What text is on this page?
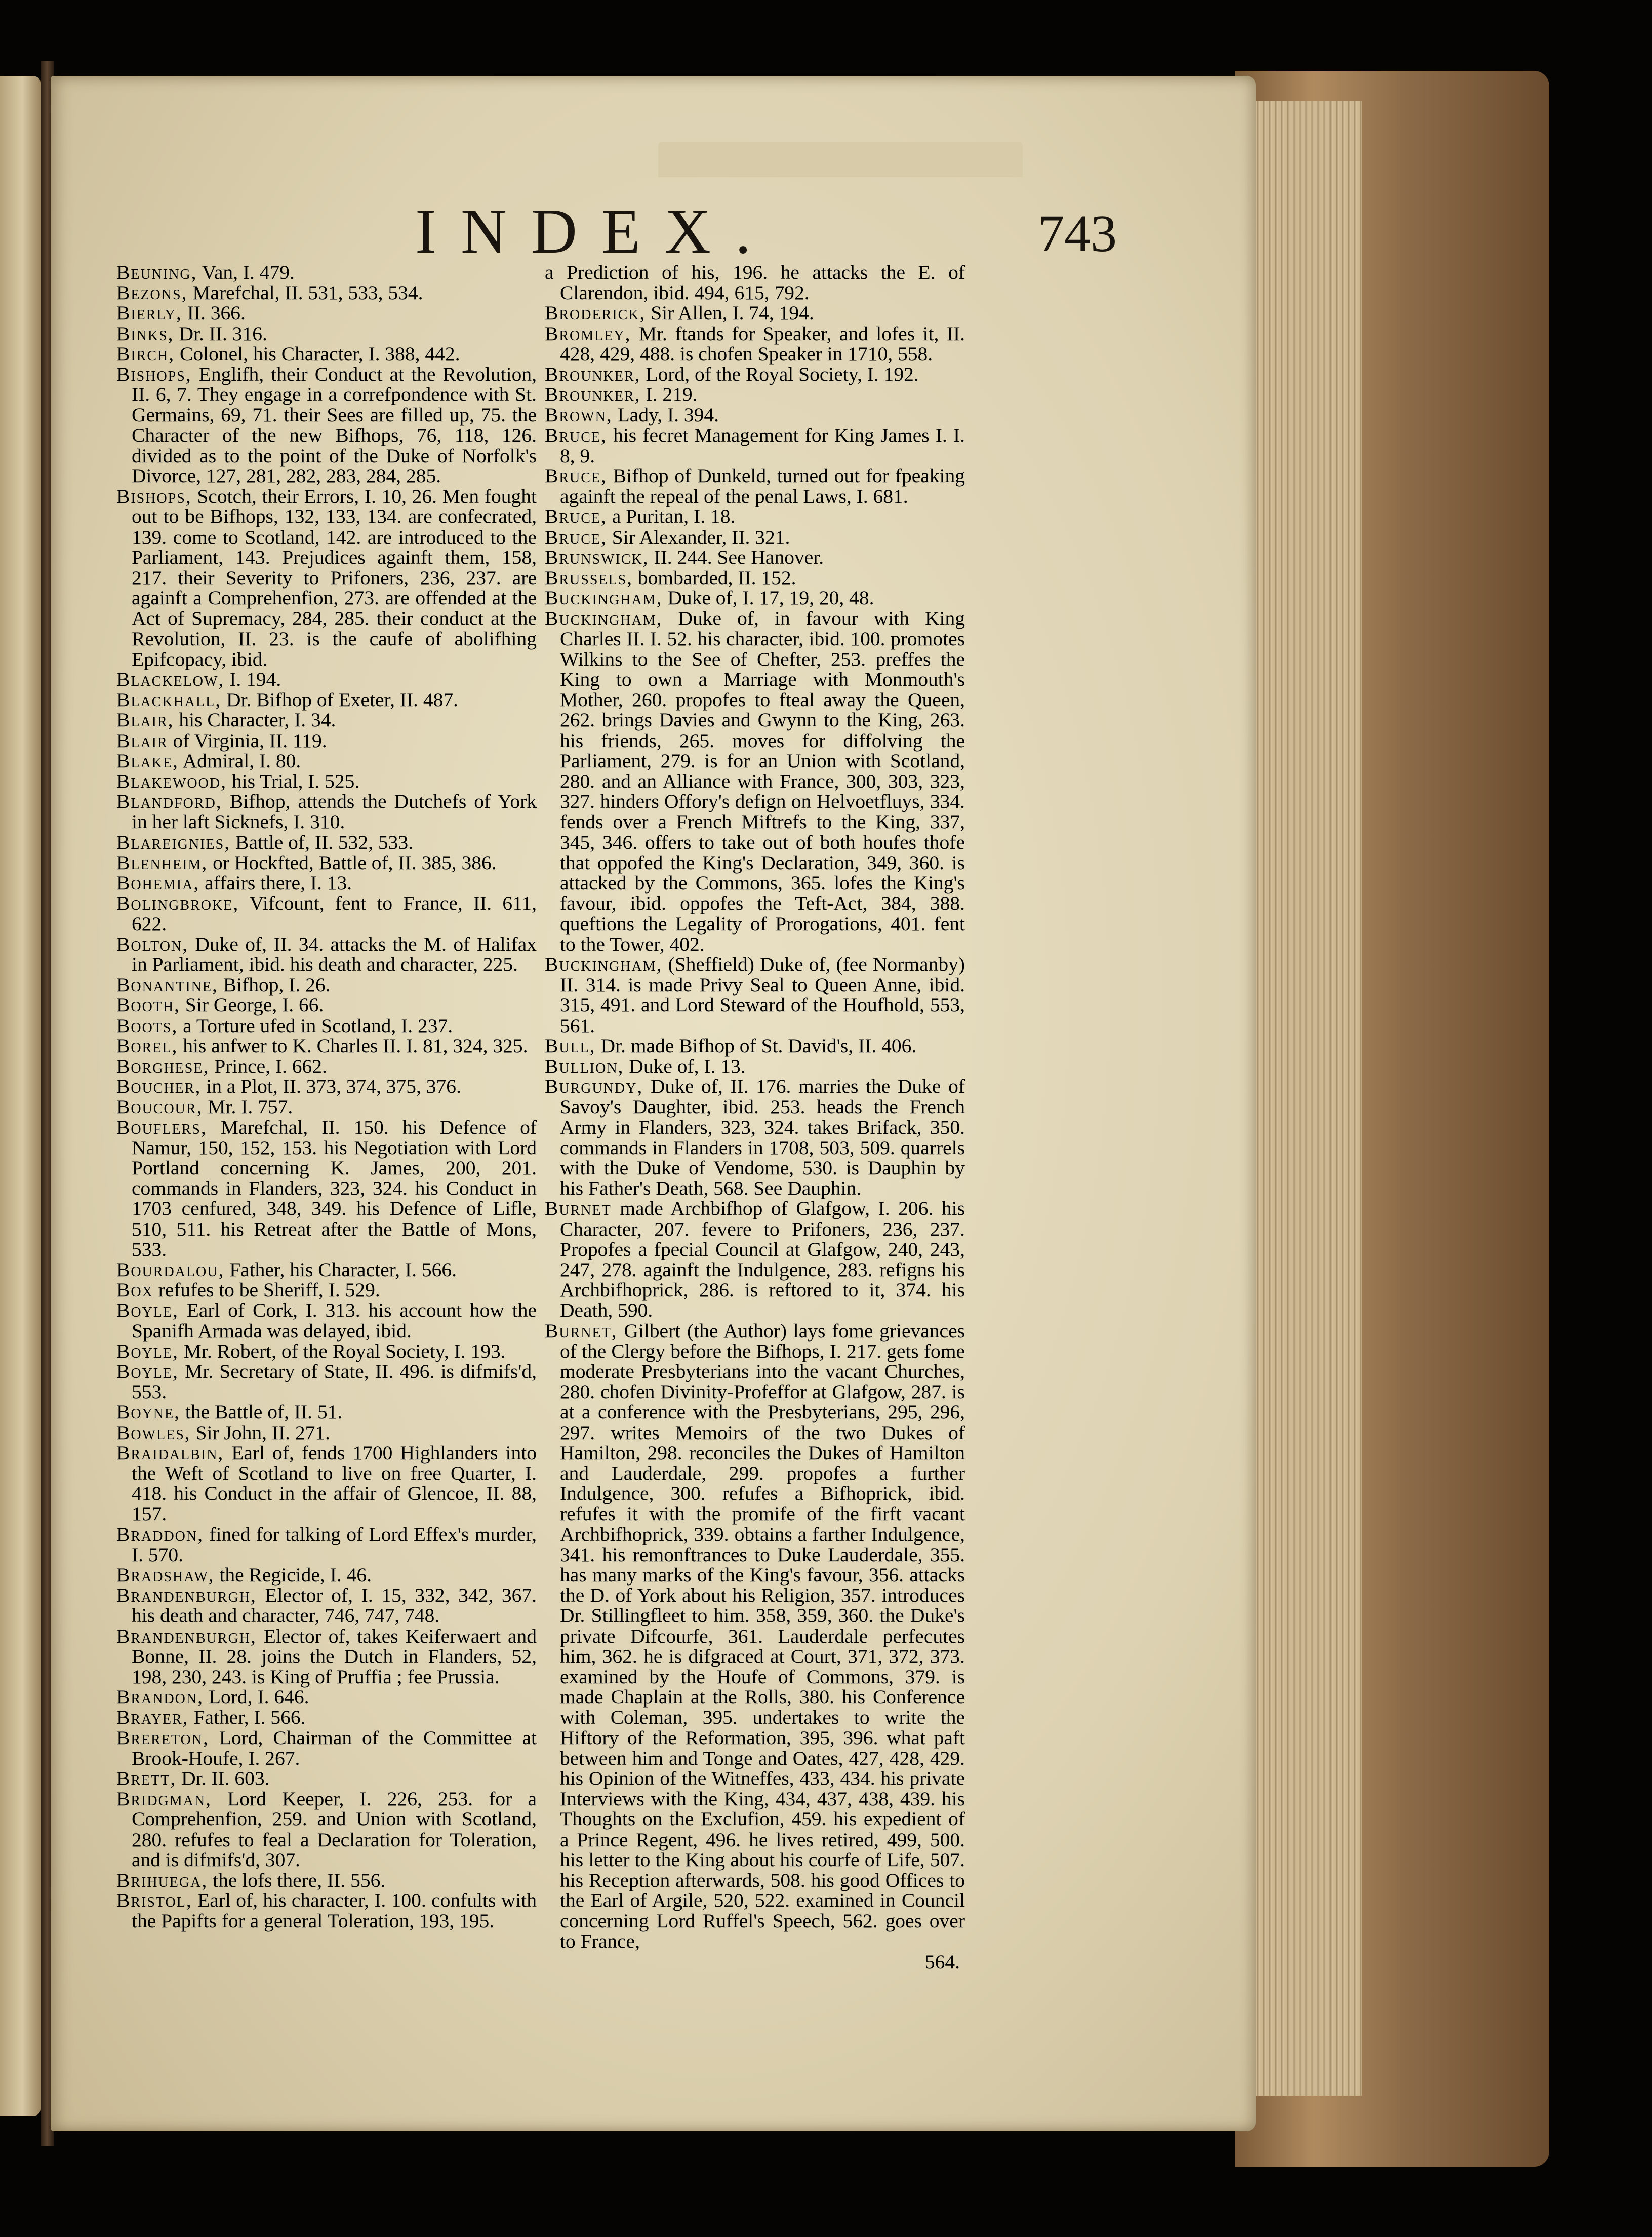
INDEX.	743

Beuning, Van, I. 479.

Bezons, Marefchal, II. 531, 533, 534.

Bierly, II. 366.

Binks, Dr. II. 316.

Birch, Colonel, his Character, I. 388, 442.

Bishops, Englifh, their Conduct at the Revolution, II. 6, 7. They engage in a correfpondence with St. Germains, 69, 71. their Sees are filled up, 75. the Character of the new Bifhops, 76, 118, 126. divided as to the point of the Duke of Norfolk's Divorce, 127, 281, 282, 283, 284, 285.

Bishops, Scotch, their Errors, I. 10, 26. Men fought out to be Bifhops, 132, 133, 134. are confecrated, 139. come to Scotland, 142. are introduced to the Parliament, 143. Prejudices againft them, 158, 217. their Severity to Prifoners, 236, 237. are againft a Comprehenfion, 273. are offended at the Act of Supremacy, 284, 285. their conduct at the Revolution, II. 23. is the caufe of abolifhing Epifcopacy, ibid.

Blackelow, I. 194.

Blackhall, Dr. Bifhop of Exeter, II. 487.

Blair, his Character, I. 34.

Blair of Virginia, II. 119.

Blake, Admiral, I. 80.

Blakewood, his Trial, I. 525.

Blandford, Bifhop, attends the Dutchefs of York in her laft Sicknefs, I. 310.

Blareignies, Battle of, II. 532, 533.

Blenheim, or Hockfted, Battle of, II. 385, 386.

Bohemia, affairs there, I. 13.

Bolingbroke, Vifcount, fent to France, II. 611, 622.

Bolton, Duke of, II. 34. attacks the M. of Halifax in Parliament, ibid. his death and character, 225.

Bonantine, Bifhop, I. 26.

Booth, Sir George, I. 66.

Boots, a Torture ufed in Scotland, I. 237.

Borel, his anfwer to K. Charles II. I. 81, 324, 325.

Borghese, Prince, I. 662.

Boucher, in a Plot, II. 373, 374, 375, 376.

Boucour, Mr. I. 757.

Bouflers, Marefchal, II. 150. his Defence of Namur, 150, 152, 153. his Negotiation with Lord Portland concerning K. James, 200, 201. commands in Flanders, 323, 324. his Conduct in 1703 cenfured, 348, 349. his Defence of Lifle, 510, 511. his Retreat after the Battle of Mons, 533.

Bourdalou, Father, his Character, I. 566.

Box refufes to be Sheriff, I. 529.

Boyle, Earl of Cork, I. 313. his account how the Spanifh Armada was delayed, ibid.

Boyle, Mr. Robert, of the Royal Society, I. 193.

Boyle, Mr. Secretary of State, II. 496. is difmifs'd, 553.

Boyne, the Battle of, II. 51.

Bowles, Sir John, II. 271.

Braidalbin, Earl of, fends 1700 Highlanders into the Weft of Scotland to live on free Quarter, I. 418. his Conduct in the affair of Glencoe, II. 88, 157.

Braddon, fined for talking of Lord Effex's murder, I. 570.

Bradshaw, the Regicide, I. 46.

Brandenburgh, Elector of, I. 15, 332, 342, 367. his death and character, 746, 747, 748.

Brandenburgh, Elector of, takes Keiferwaert and Bonne, II. 28. joins the Dutch in Flanders, 52, 198, 230, 243. is King of Pruffia ; fee Prussia.

Brandon, Lord, I. 646.

Brayer, Father, I. 566.

Brereton, Lord, Chairman of the Committee at Brook-Houfe, I. 267.

Brett, Dr. II. 603.

Bridgman, Lord Keeper, I. 226, 253. for a Comprehenfion, 259. and Union with Scotland, 280. refufes to feal a Declaration for Toleration, and is difmifs'd, 307.

Brihuega, the lofs there, II. 556.

Bristol, Earl of, his character, I. 100. confults with the Papifts for a general Toleration, 193, 195.

a Prediction of his, 196. he attacks the E. of Clarendon, ibid. 494, 615, 792.

Broderick, Sir Allen, I. 74, 194.

Bromley, Mr. ftands for Speaker, and lofes it, II. 428, 429, 488. is chofen Speaker in 1710, 558.

Brounker, Lord, of the Royal Society, I. 192.

Brounker, I. 219.

Brown, Lady, I. 394.

Bruce, his fecret Management for King James I. I. 8, 9.

Bruce, Bifhop of Dunkeld, turned out for fpeaking againft the repeal of the penal Laws, I. 681.

Bruce, a Puritan, I. 18.

Bruce, Sir Alexander, II. 321.

Brunswick, II. 244. See Hanover.

Brussels, bombarded, II. 152.

Buckingham, Duke of, I. 17, 19, 20, 48.

Buckingham, Duke of, in favour with King Charles II. I. 52. his character, ibid. 100. promotes Wilkins to the See of Chefter, 253. preffes the King to own a Marriage with Monmouth's Mother, 260. propofes to fteal away the Queen, 262. brings Davies and Gwynn to the King, 263. his friends, 265. moves for diffolving the Parliament, 279. is for an Union with Scotland, 280. and an Alliance with France, 300, 303, 323, 327. hinders Offory's defign on Helvoetfluys, 334. fends over a French Miftrefs to the King, 337, 345, 346. offers to take out of both houfes thofe that oppofed the King's Declaration, 349, 360. is attacked by the Commons, 365. lofes the King's favour, ibid. oppofes the Teft-Act, 384, 388. queftions the Legality of Prorogations, 401. fent to the Tower, 402.

Buckingham, (Sheffield) Duke of, (fee Normanby) II. 314. is made Privy Seal to Queen Anne, ibid. 315, 491. and Lord Steward of the Houfhold, 553, 561.

Bull, Dr. made Bifhop of St. David's, II. 406.

Bullion, Duke of, I. 13.

Burgundy, Duke of, II. 176. marries the Duke of Savoy's Daughter, ibid. 253. heads the French Army in Flanders, 323, 324. takes Brifack, 350. commands in Flanders in 1708, 503, 509. quarrels with the Duke of Vendome, 530. is Dauphin by his Father's Death, 568. See Dauphin.

Burnet made Archbifhop of Glafgow, I. 206. his Character, 207. fevere to Prifoners, 236, 237. Propofes a fpecial Council at Glafgow, 240, 243, 247, 278. againft the Indulgence, 283. refigns his Archbifhoprick, 286. is reftored to it, 374. his Death, 590.

Burnet, Gilbert (the Author) lays fome grievances of the Clergy before the Bifhops, I. 217. gets fome moderate Presbyterians into the vacant Churches, 280. chofen Divinity-Profeffor at Glafgow, 287. is at a conference with the Presbyterians, 295, 296, 297. writes Memoirs of the two Dukes of Hamilton, 298. reconciles the Dukes of Hamilton and Lauderdale, 299. propofes a further Indulgence, 300. refufes a Bifhoprick, ibid. refufes it with the promife of the firft vacant Archbifhoprick, 339. obtains a farther Indulgence, 341. his remonftrances to Duke Lauderdale, 355. has many marks of the King's favour, 356. attacks the D. of York about his Religion, 357. introduces Dr. Stillingfleet to him. 358, 359, 360. the Duke's private Difcourfe, 361. Lauderdale perfecutes him, 362. he is difgraced at Court, 371, 372, 373. examined by the Houfe of Commons, 379. is made Chaplain at the Rolls, 380. his Conference with Coleman, 395. undertakes to write the Hiftory of the Reformation, 395, 396. what paft between him and Tonge and Oates, 427, 428, 429. his Opinion of the Witneffes, 433, 434. his private Interviews with the King, 434, 437, 438, 439. his Thoughts on the Exclufion, 459. his expedient of a Prince Regent, 496. he lives retired, 499, 500. his letter to the King about his courfe of Life, 507. his Reception afterwards, 508. his good Offices to the Earl of Argile, 520, 522. examined in Council concerning Lord Ruffel's Speech, 562. goes over to France,

564.
